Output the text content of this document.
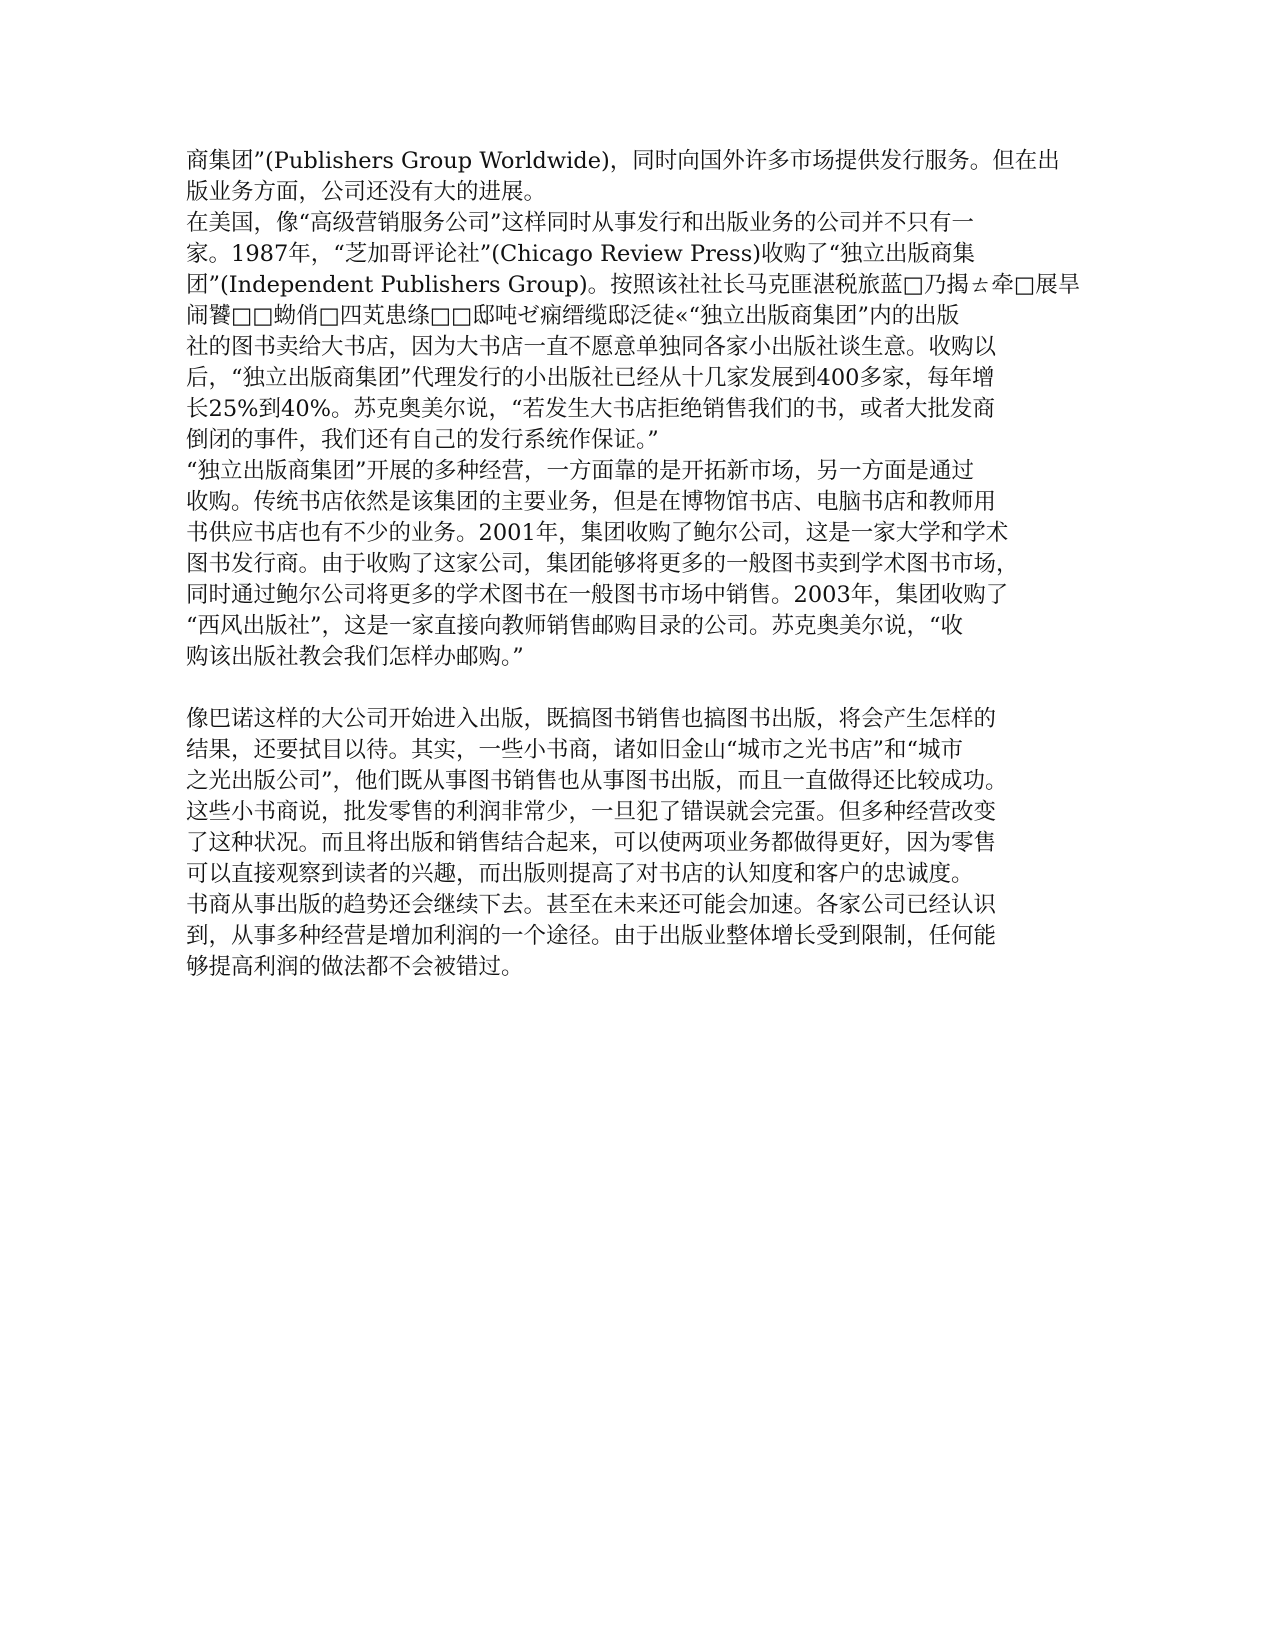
商集团”(Publishers Group Worldwide)，同时向国外许多市场提供发行服务。但在出
版业务方面，公司还没有大的进展。
在美国，像“高级营销服务公司”这样同时从事发行和出版业务的公司并不只有一
家。1987年，“芝加哥评论社”(Chicago Review Press)收购了“独立出版商集
团”(Independent Publishers Group)。按照该社社长马克匪湛税旅蓝□乃揭ㄊ牵□展旱
闹饕□□蚴俏□四芄患绦□□邸吨ゼ痫缙缆邸泛徒«“独立出版商集团”内的出版
社的图书卖给大书店，因为大书店一直不愿意单独同各家小出版社谈生意。收购以
后，“独立出版商集团”代理发行的小出版社已经从十几家发展到400多家，每年增
长25%到40%。苏克奥美尔说，“若发生大书店拒绝销售我们的书，或者大批发商
倒闭的事件，我们还有自己的发行系统作保证。”
“独立出版商集团”开展的多种经营，一方面靠的是开拓新市场，另一方面是通过
收购。传统书店依然是该集团的主要业务，但是在博物馆书店、电脑书店和教师用
书供应书店也有不少的业务。2001年，集团收购了鲍尔公司，这是一家大学和学术
图书发行商。由于收购了这家公司，集团能够将更多的一般图书卖到学术图书市场，
同时通过鲍尔公司将更多的学术图书在一般图书市场中销售。2003年，集团收购了
“西风出版社”，这是一家直接向教师销售邮购目录的公司。苏克奥美尔说，“收
购该出版社教会我们怎样办邮购。”
像巴诺这样的大公司开始进入出版，既搞图书销售也搞图书出版，将会产生怎样的
结果，还要拭目以待。其实，一些小书商，诸如旧金山“城市之光书店”和“城市
之光出版公司”，他们既从事图书销售也从事图书出版，而且一直做得还比较成功。
这些小书商说，批发零售的利润非常少，一旦犯了错误就会完蛋。但多种经营改变
了这种状况。而且将出版和销售结合起来，可以使两项业务都做得更好，因为零售
可以直接观察到读者的兴趣，而出版则提高了对书店的认知度和客户的忠诚度。
书商从事出版的趋势还会继续下去。甚至在未来还可能会加速。各家公司已经认识
到，从事多种经营是增加利润的一个途径。由于出版业整体增长受到限制，任何能
够提高利润的做法都不会被错过。
